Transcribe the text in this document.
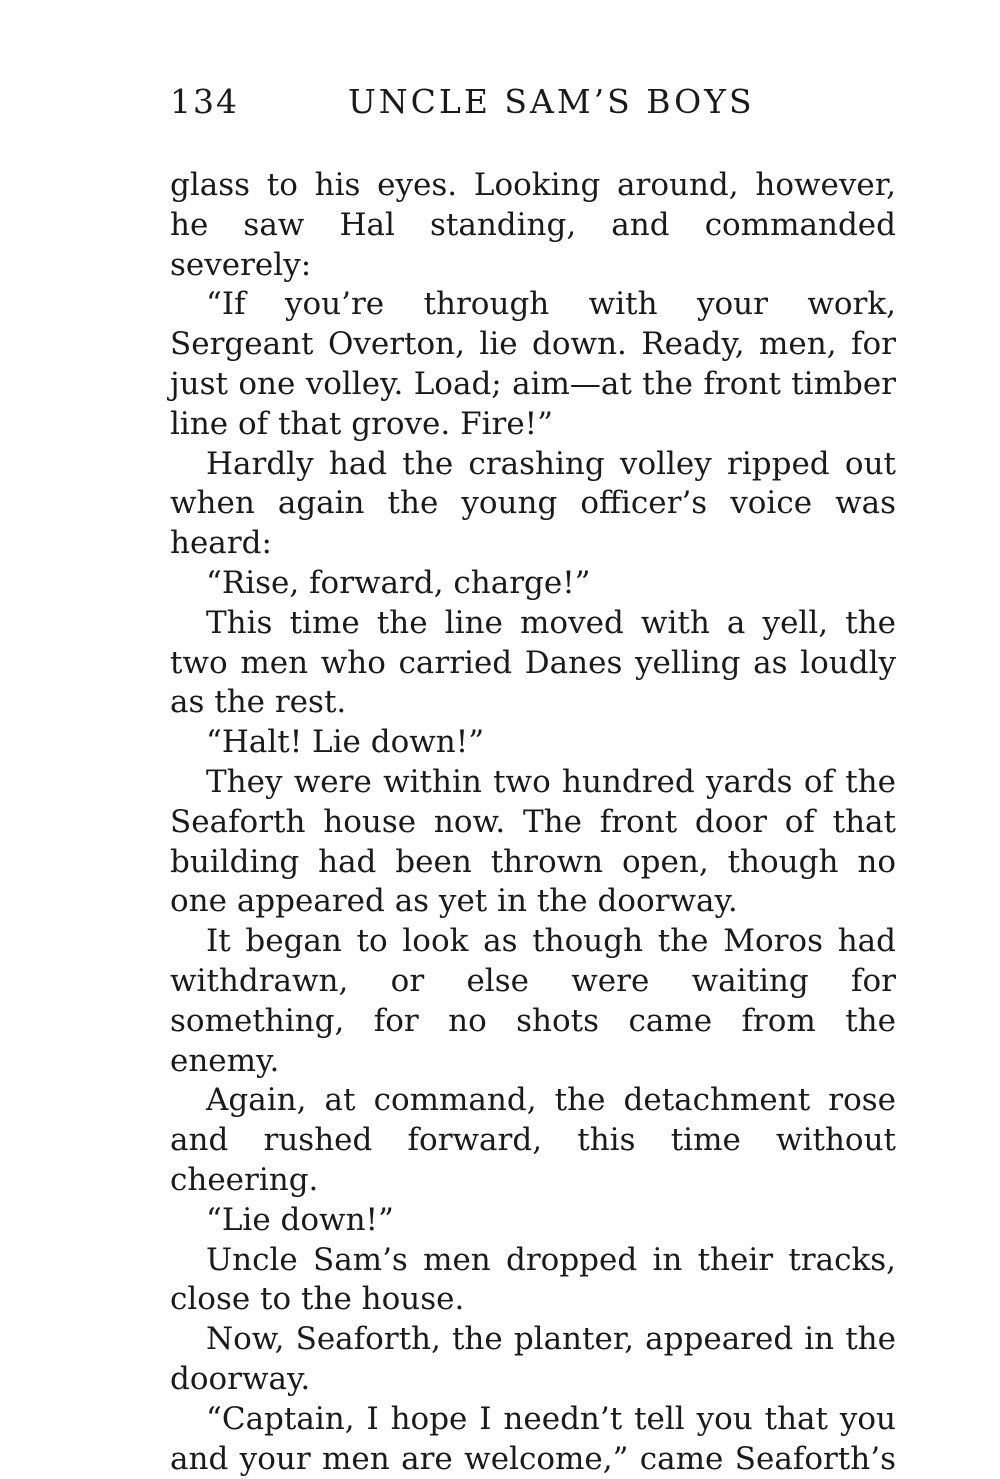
134	UNCLE SAM’S BOYS

glass to his eyes. Looking around, however, he saw Hal standing, and commanded severely:

“If you’re through with your work, Sergeant Overton, lie down. Ready, men, for just one volley. Load; aim—at the front timber line of that grove. Fire!”

Hardly had the crashing volley ripped out when again the young officer’s voice was heard:

“Rise, forward, charge!”

This time the line moved with a yell, the two men who carried Danes yelling as loudly as the rest.

“Halt! Lie down!”

They were within two hundred yards of the Seaforth house now. The front door of that building had been thrown open, though no one appeared as yet in the doorway.

It began to look as though the Moros had withdrawn, or else were waiting for something, for no shots came from the enemy.

Again, at command, the detachment rose and rushed forward, this time without cheering.

“Lie down!”

Uncle Sam’s men dropped in their tracks, close to the house.

Now, Seaforth, the planter, appeared in the doorway.

“Captain, I hope I needn’t tell you that you and your men are welcome,” came Seaforth’s
